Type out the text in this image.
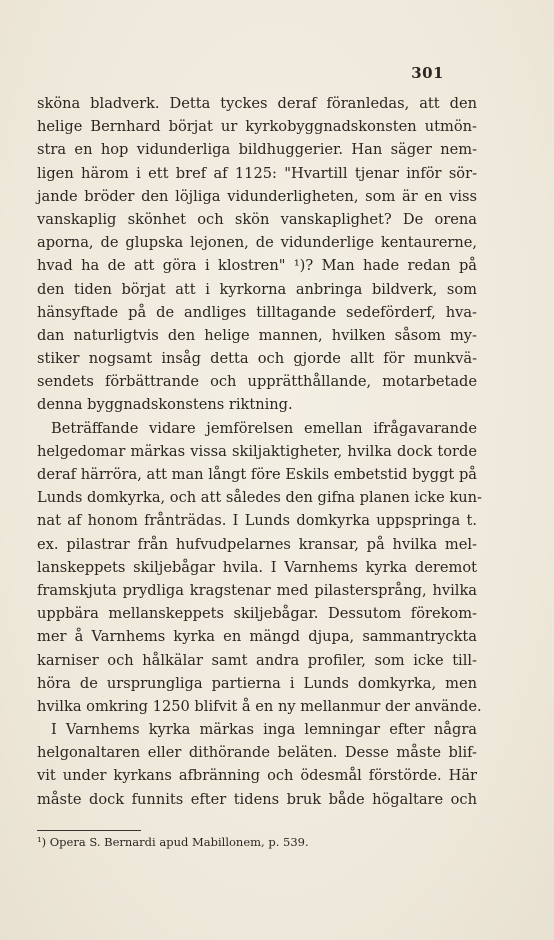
301
sköna bladverk. Detta tyckes deraf föranledas, att den
helige Bernhard börjat ur kyrkobyggnadskonsten utmön-
stra en hop vidunderliga bildhuggerier. Han säger nem-
ligen härom i ett bref af 1125: "Hvartill tjenar inför sör-
jande bröder den löjliga vidunderligheten, som är en viss
vanskaplig skönhet och skön vanskaplighet? De orena
aporna, de glupska lejonen, de vidunderlige kentaurerne,
hvad ha de att göra i klostren" ¹)? Man hade redan på
den tiden börjat att i kyrkorna anbringa bildverk, som
hänsyftade på de andliges tilltagande sedeförderf, hva-
dan naturligtvis den helige mannen, hvilken såsom my-
stiker nogsamt insåg detta och gjorde allt för munkvä-
sendets förbättrande och upprätthållande, motarbetade
denna byggnadskonstens riktning.
Beträffande vidare jemförelsen emellan ifrågavarande
helgedomar märkas vissa skiljaktigheter, hvilka dock torde
deraf härröra, att man långt före Eskils embetstid byggt på
Lunds domkyrka, och att således den gifna planen icke kun-
nat af honom frånträdas. I Lunds domkyrka uppspringa t.
ex. pilastrar från hufvudpelarnes kransar, på hvilka mel-
lanskeppets skiljebågar hvila. I Varnhems kyrka deremot
framskjuta prydliga kragstenar med pilastersprång, hvilka
uppbära mellanskeppets skiljebågar. Dessutom förekom-
mer å Varnhems kyrka en mängd djupa, sammantryckta
karniser och hålkälar samt andra profiler, som icke till-
höra de ursprungliga partierna i Lunds domkyrka, men
hvilka omkring 1250 blifvit å en ny mellanmur der använde.
I Varnhems kyrka märkas inga lemningar efter några
helgonaltaren eller dithörande beläten. Desse måste blif-
vit under kyrkans afbränning och ödesmål förstörde. Här
måste dock funnits efter tidens bruk både högaltare och
¹) Opera S. Bernardi apud Mabillonem, p. 539.
